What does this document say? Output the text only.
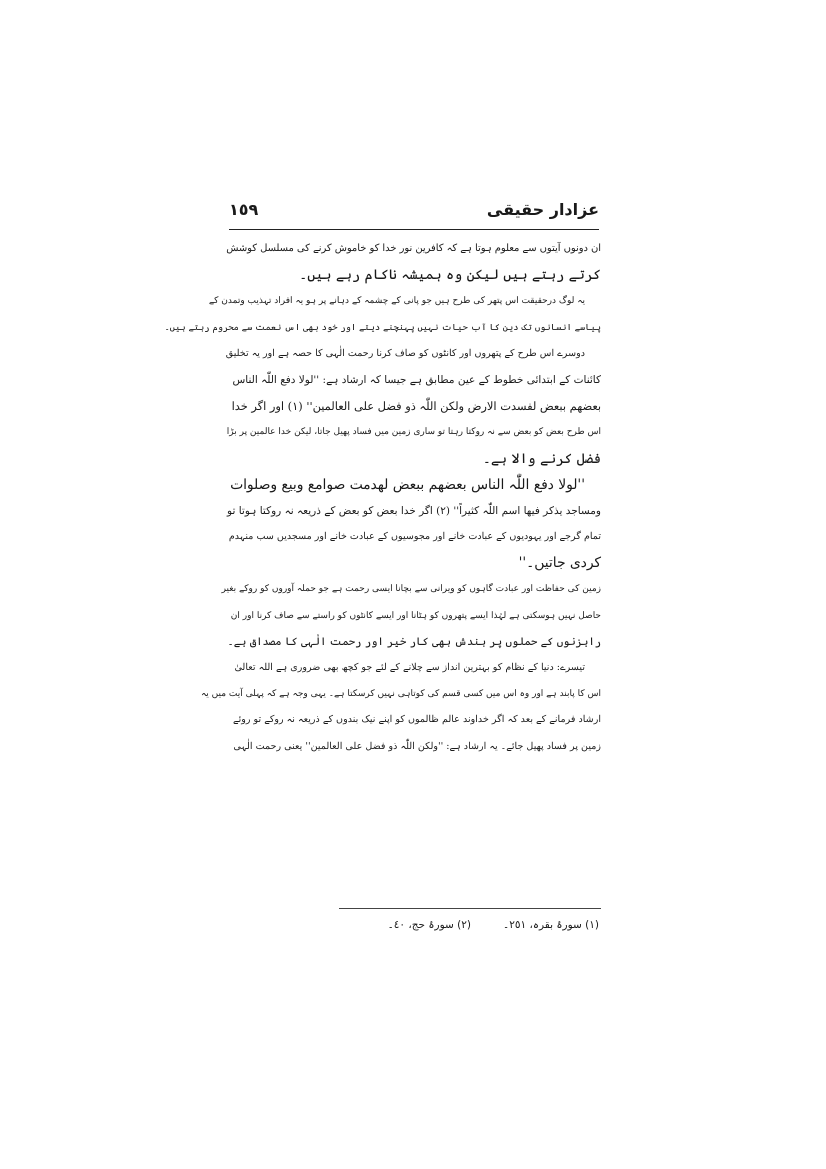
عزادار حقیقی
١٥٩
ان دونوں آیتوں سے معلوم ہوتا ہے کہ کافرین نور خدا کو خاموش کرنے کی مسلسل کوشش
کرتے رہتے ہیں لیکن وہ ہمیشہ ناکام رہے ہیں۔
یہ لوگ درحقیقت اس پتھر کی طرح ہیں جو پانی کے چشمہ کے دہانے پر ہو یہ افراد تہذیب وتمدن کے
پیاسے انسانوں تک دین کا آب حیات نہیں پہنچنے دیتے اور خود بھی اس نعمت سے محروم رہتے ہیں۔
دوسرے اس طرح کے پتھروں اور کانٹوں کو صاف کرنا رحمت الٰہی کا حصہ ہے اور یہ تخلیق
کائنات کے ابتدائی خطوط کے عین مطابق ہے جیسا کہ ارشاد ہے: ''لولا دفع اللّٰہ الناس
بعضھم ببعض لفسدت الارض ولکن اللّٰہ ذو فضل علی العالمین'' (١) اور اگر خدا
اس طرح بعض کو بعض سے نہ روکتا رہتا تو ساری زمین میں فساد پھیل جاتا، لیکن خدا عالمین پر بڑا
فضل کرنے والا ہے۔
''لولا دفع اللّٰہ الناس بعضھم ببعض لھدمت صوامع وبیع وصلوات
ومساجد یذکر فیھا اسم اللّٰہ کثیراً'' (٢) اگر خدا بعض کو بعض کے ذریعہ نہ روکتا ہوتا تو
تمام گرجے اور یہودیوں کے عبادت خانے اور مجوسیوں کے عبادت خانے اور مسجدیں سب منہدم
کردی جاتیں۔''
زمین کی حفاظت اور عبادت گاہوں کو ویرانی سے بچانا ایسی رحمت ہے جو حملہ آوروں کو روکے بغیر
حاصل نہیں ہوسکتی ہے لہٰذا ایسے پتھروں کو ہٹانا اور ایسے کانٹوں کو راستے سے صاف کرنا اور ان
راہزنوں کے حملوں پر بندش بھی کار خیر اور رحمت الٰہی کا مصداق ہے۔
تیسرے: دنیا کے نظام کو بہترین انداز سے چلانے کے لئے جو کچھ بھی ضروری ہے اللہ تعالیٰ
اس کا پابند ہے اور وہ اس میں کسی قسم کی کوتاہی نہیں کرسکتا ہے۔ یہی وجہ ہے کہ پہلی آیت میں یہ
ارشاد فرمانے کے بعد کہ اگر خداوند عالم ظالموں کو اپنے نیک بندوں کے ذریعہ نہ روکے تو روئے
زمین پر فساد پھیل جائے۔ یہ ارشاد ہے: ''ولکن اللّٰہ ذو فضل علی العالمین'' یعنی رحمت الٰہی
(١) سورۂ بقرہ، ٢٥١۔
(٢) سورۂ حج، ٤٠۔
